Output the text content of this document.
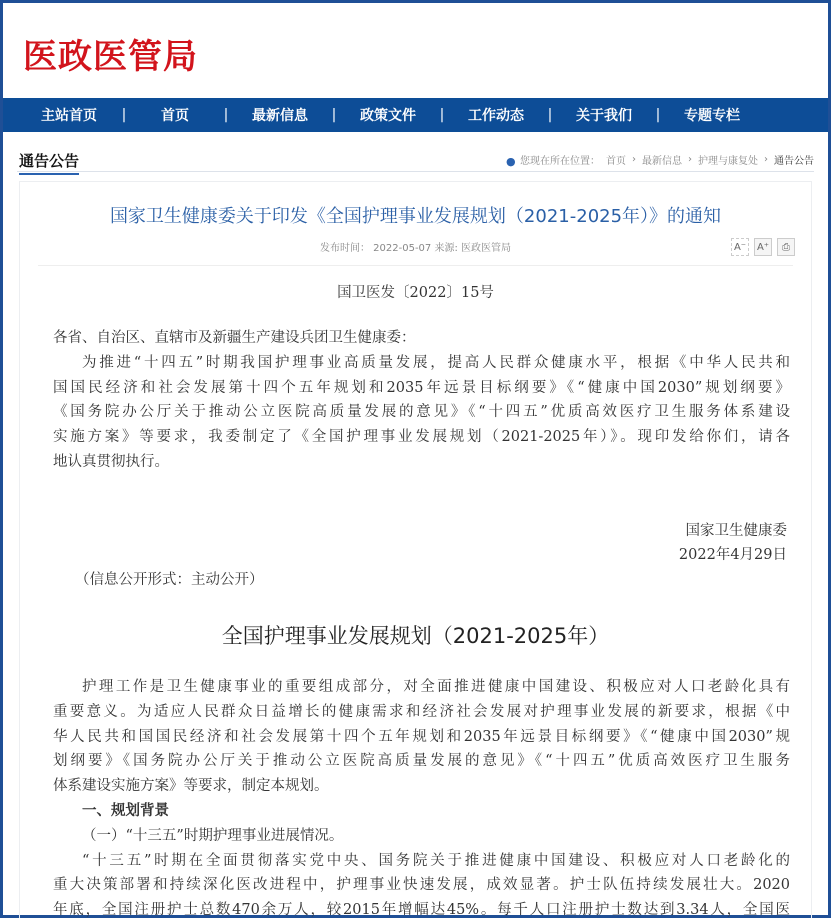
医政医管局
主站首页	|	首页	|	最新信息	|	政策文件	|	工作动态	|	关于我们	|	专题专栏
通告公告	● 您现在所在位置： 首页 › 最新信息 › 护理与康复处 › 通告公告
国家卫生健康委关于印发《全国护理事业发展规划（2021-2025年）》的通知
发布时间： 2022-05-07 来源: 医政医管局	A⁻ A⁺	⎙
国卫医发〔2022〕15号
各省、自治区、直辖市及新疆生产建设兵团卫生健康委：
为推进“十四五”时期我国护理事业高质量发展，提高人民群众健康水平，根据《中华人民共和
国国民经济和社会发展第十四个五年规划和2035年远景目标纲要》《“健康中国2030”规划纲要》
《国务院办公厅关于推动公立医院高质量发展的意见》《“十四五”优质高效医疗卫生服务体系建设
实施方案》等要求，我委制定了《全国护理事业发展规划（2021-2025年）》。现印发给你们，请各
地认真贯彻执行。
国家卫生健康委
2022年4月29日
（信息公开形式：主动公开）
全国护理事业发展规划（2021-2025年）
护理工作是卫生健康事业的重要组成部分，对全面推进健康中国建设、积极应对人口老龄化具有
重要意义。为适应人民群众日益增长的健康需求和经济社会发展对护理事业发展的新要求，根据《中
华人民共和国国民经济和社会发展第十四个五年规划和2035年远景目标纲要》《“健康中国2030”规
划纲要》《国务院办公厅关于推动公立医院高质量发展的意见》《“十四五”优质高效医疗卫生服务
体系建设实施方案》等要求，制定本规划。
一、规划背景
（一）“十三五”时期护理事业进展情况。
“十三五”时期在全面贯彻落实党中央、国务院关于推进健康中国建设、积极应对人口老龄化的
重大决策部署和持续深化医改进程中，护理事业快速发展，成效显著。护士队伍持续发展壮大。2020
年底，全国注册护士总数470余万人，较2015年增幅达45%。每千人口注册护士数达到3.34人，全国医
